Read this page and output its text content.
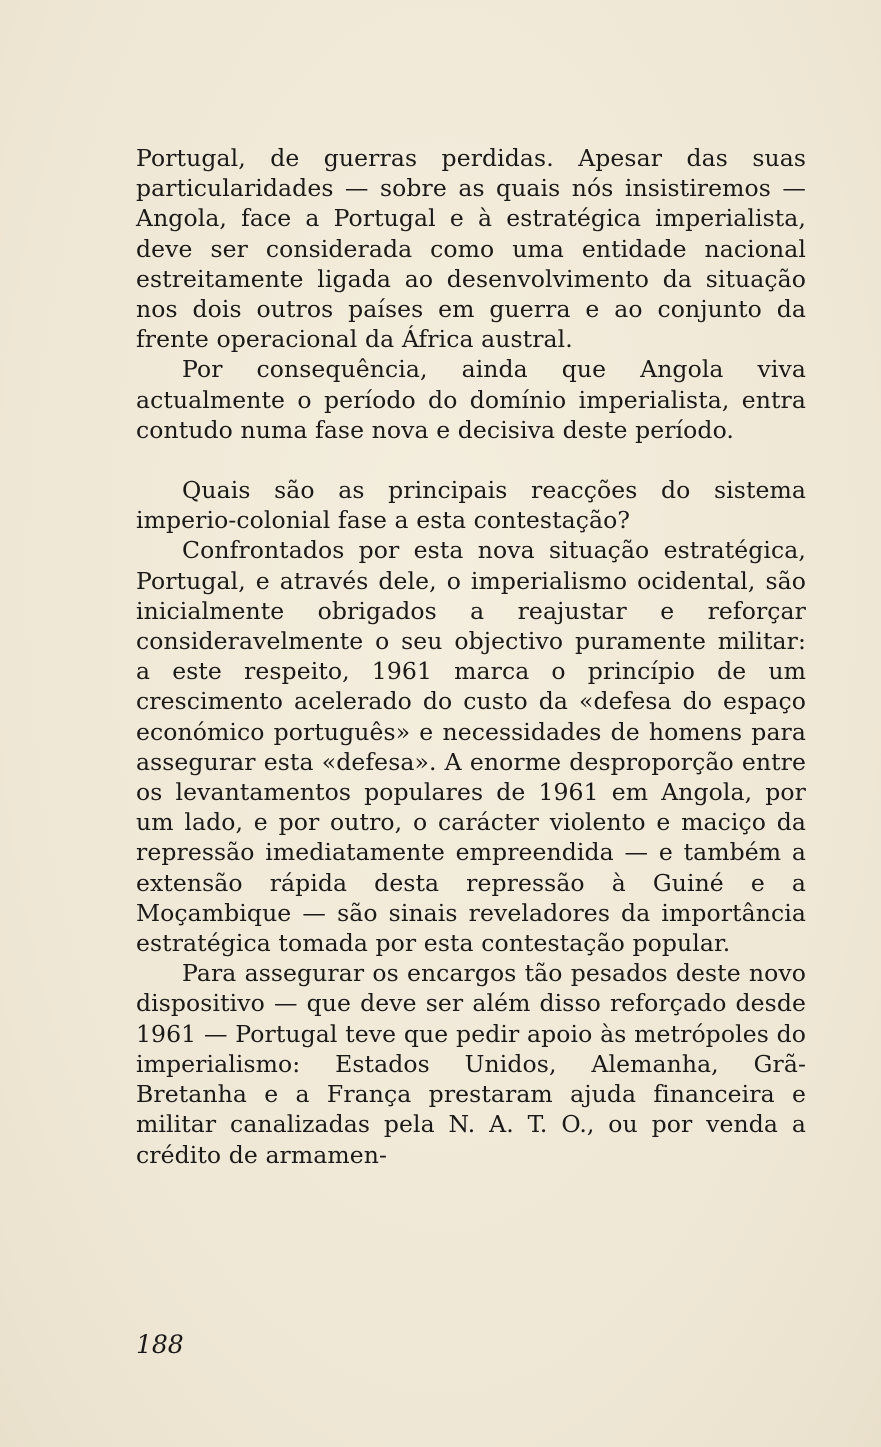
Portugal, de guerras perdidas. Apesar das suas particularidades — sobre as quais nós insistiremos — Angola, face a Portugal e à estratégica imperialista, deve ser considerada como uma entidade nacional estreitamente ligada ao desenvolvimento da situação nos dois outros países em guerra e ao conjunto da frente operacional da África austral.

Por consequência, ainda que Angola viva actualmente o período do domínio imperialista, entra contudo numa fase nova e decisiva deste período.

Quais são as principais reacções do sistema imperio-colonial fase a esta contestação?

Confrontados por esta nova situação estratégica, Portugal, e através dele, o imperialismo ocidental, são inicialmente obrigados a reajustar e reforçar consideravelmente o seu objectivo puramente militar: a este respeito, 1961 marca o princípio de um crescimento acelerado do custo da «defesa do espaço económico português» e necessidades de homens para assegurar esta «defesa». A enorme desproporção entre os levantamentos populares de 1961 em Angola, por um lado, e por outro, o carácter violento e maciço da repressão imediatamente empreendida — e também a extensão rápida desta repressão à Guiné e a Moçambique — são sinais reveladores da importância estratégica tomada por esta contestação popular.

Para assegurar os encargos tão pesados deste novo dispositivo — que deve ser além disso reforçado desde 1961 — Portugal teve que pedir apoio às metrópoles do imperialismo: Estados Unidos, Alemanha, Grã-Bretanha e a França prestaram ajuda financeira e militar canalizadas pela N. A. T. O., ou por venda a crédito de armamen-

188
